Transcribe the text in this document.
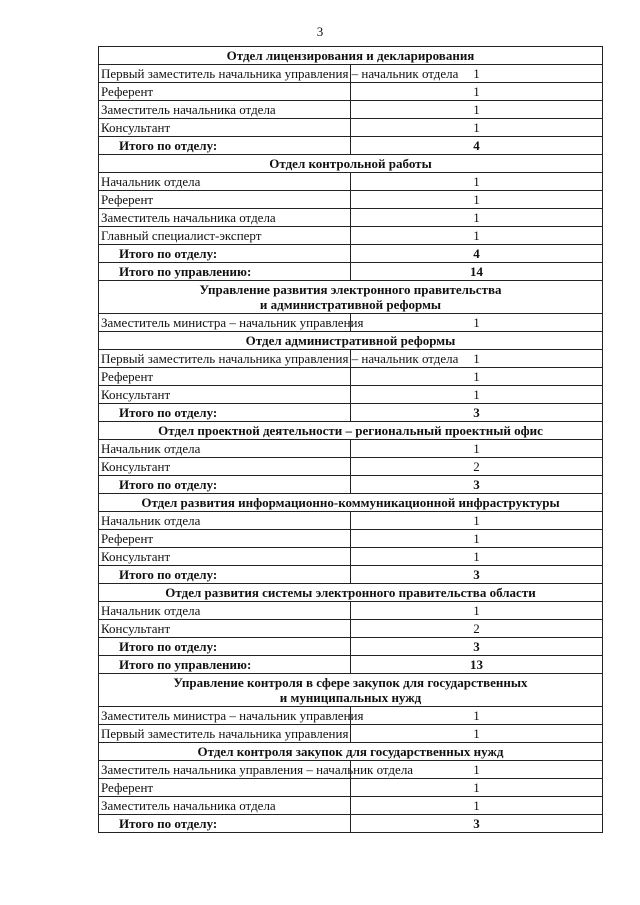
3
Отдел лицензирования и декларирования	

Первый заместитель начальника управления – начальник отдела	1
Референт	1
Заместитель начальника отдела	1
Консультант	1
Итого по отделу:	4

Отдел контрольной работы	

Начальник отдела	1
Референт	1
Заместитель начальника отдела	1
Главный специалист-эксперт	1
Итого по отделу:	4
Итого по управлению:	14

Управление развития электронного правительства
и административной реформы	

Заместитель министра – начальник управления	1

Отдел административной реформы	

Первый заместитель начальника управления – начальник отдела	1
Референт	1
Консультант	1
Итого по отделу:	3

Отдел проектной деятельности – региональный проектный офис	

Начальник отдела	1
Консультант	2
Итого по отделу:	3

Отдел развития информационно-коммуникационной инфраструктуры	

Начальник отдела	1
Референт	1
Консультант	1
Итого по отделу:	3

Отдел развития системы электронного правительства области	

Начальник отдела	1
Консультант	2
Итого по отделу:	3
Итого по управлению:	13

Управление контроля в сфере закупок для государственных
и муниципальных нужд	

Заместитель министра – начальник управления	1
Первый заместитель начальника управления	1

Отдел контроля закупок для государственных нужд	

Заместитель начальника управления – начальник отдела	1
Референт	1
Заместитель начальника отдела	1
Итого по отделу:	3
